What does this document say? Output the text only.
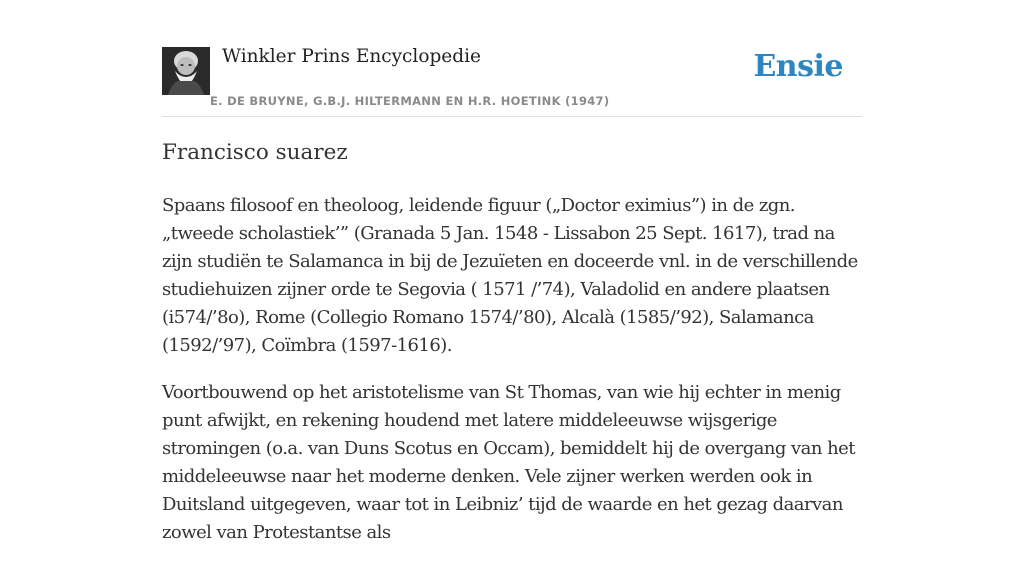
Winkler Prins Encyclopedie
E. DE BRUYNE, G.B.J. HILTERMANN EN H.R. HOETINK (1947)
Ensie
Francisco suarez

Spaans filosoof en theoloog, leidende figuur („Doctor eximius”) in de zgn. „tweede scholastiek’” (Granada 5 Jan. 1548 - Lissabon 25 Sept. 1617), trad na zijn studiën te Salamanca in bij de Jezuïeten en doceerde vnl. in de verschillende studiehuizen zijner orde te Segovia ( 1571 /’74), Valadolid en andere plaatsen (i574/’8o), Rome (Collegio Romano 1574/’80), Alcalà (1585/’92), Salamanca (1592/’97), Coïmbra (1597-1616).

Voortbouwend op het aristotelisme van St Thomas, van wie hij echter in menig punt afwijkt, en rekening houdend met latere middeleeuwse wijsgerige stromingen (o.a. van Duns Scotus en Occam), bemiddelt hij de overgang van het middeleeuwse naar het moderne denken. Vele zijner werken werden ook in Duitsland uitgegeven, waar tot in Leibniz’ tijd de waarde en het gezag daarvan zowel van Protestantse als
